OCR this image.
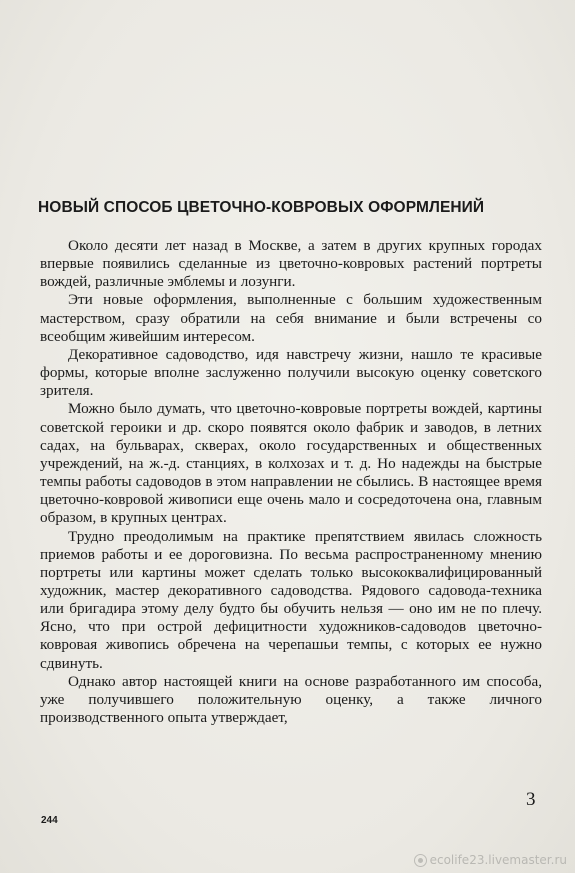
НОВЫЙ СПОСОБ ЦВЕТОЧНО-КОВРОВЫХ ОФОРМЛЕНИЙ

Около десяти лет назад в Москве, а затем в других крупных городах впервые появились сделанные из цветочно-ковровых растений портреты вождей, различные эмблемы и лозунги.

Эти новые оформления, выполненные с большим художественным мастерством, сразу обратили на себя внимание и были встречены со всеобщим живейшим интересом.

Декоративное садоводство, идя навстречу жизни, нашло те красивые формы, которые вполне заслуженно получили высокую оценку советского зрителя.

Можно было думать, что цветочно-ковровые портреты вождей, картины советской героики и др. скоро появятся около фабрик и заводов, в летних садах, на бульварах, скверах, около государственных и общественных учреждений, на ж.-д. станциях, в колхозах и т. д. Но надежды на быстрые темпы работы садоводов в этом направлении не сбылись. В настоящее время цветочно-ковровой живописи еще очень мало и сосредоточена она, главным образом, в крупных центрах.

Трудно преодолимым на практике препятствием явилась сложность приемов работы и ее дороговизна. По весьма распространенному мнению портреты или картины может сделать только высококвалифицированный художник, мастер декоративного садоводства. Рядового садовода-техника или бригадира этому делу будто бы обучить нельзя — оно им не по плечу. Ясно, что при острой дефицитности художников-садоводов цветочно-ковровая живопись обречена на черепашьи темпы, с которых ее нужно сдвинуть.

Однако автор настоящей книги на основе разработанного им способа, уже получившего положительную оценку, а также личного производственного опыта утверждает,

244

3

ecolife23.livemaster.ru
